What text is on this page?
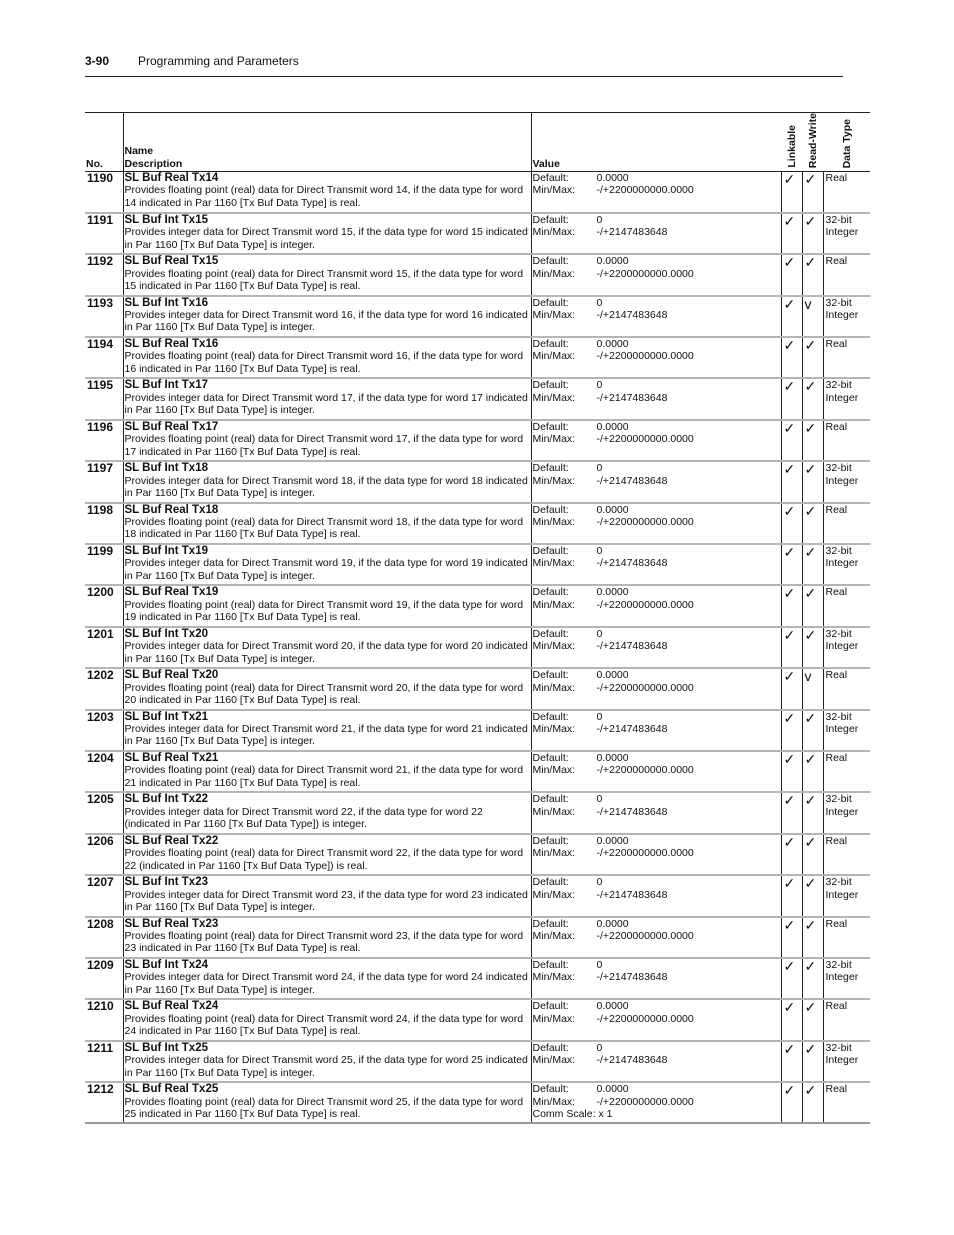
3-90 Programming and Parameters
No.	Name
Description	Value	Linkable	Read-Write	Data Type

1190	SL Buf Real Tx14
Provides floating point (real) data for Direct Transmit word 14, if the data type for word 14 indicated in Par 1160 [Tx Buf Data Type] is real.	Default: 0.0000
Min/Max: -/+2200000000.0000	✓	✓	Real

1191	SL Buf Int Tx15
Provides integer data for Direct Transmit word 15, if the data type for word 15 indicated in Par 1160 [Tx Buf Data Type] is integer.	Default: 0
Min/Max: -/+2147483648	✓	✓	32-bit
Integer

1192	SL Buf Real Tx15
Provides floating point (real) data for Direct Transmit word 15, if the data type for word 15 indicated in Par 1160 [Tx Buf Data Type] is real.	Default: 0.0000
Min/Max: -/+2200000000.0000	✓	✓	Real

1193	SL Buf Int Tx16
Provides integer data for Direct Transmit word 16, if the data type for word 16 indicated in Par 1160 [Tx Buf Data Type] is integer.	Default: 0
Min/Max: -/+2147483648	✓	v	32-bit
Integer

1194	SL Buf Real Tx16
Provides floating point (real) data for Direct Transmit word 16, if the data type for word 16 indicated in Par 1160 [Tx Buf Data Type] is real.	Default: 0.0000
Min/Max: -/+2200000000.0000	✓	✓	Real

1195	SL Buf Int Tx17
Provides integer data for Direct Transmit word 17, if the data type for word 17 indicated in Par 1160 [Tx Buf Data Type] is integer.	Default: 0
Min/Max: -/+2147483648	✓	✓	32-bit
Integer

1196	SL Buf Real Tx17
Provides floating point (real) data for Direct Transmit word 17, if the data type for word 17 indicated in Par 1160 [Tx Buf Data Type] is real.	Default: 0.0000
Min/Max: -/+2200000000.0000	✓	✓	Real

1197	SL Buf Int Tx18
Provides integer data for Direct Transmit word 18, if the data type for word 18 indicated in Par 1160 [Tx Buf Data Type] is integer.	Default: 0
Min/Max: -/+2147483648	✓	✓	32-bit
Integer

1198	SL Buf Real Tx18
Provides floating point (real) data for Direct Transmit word 18, if the data type for word 18 indicated in Par 1160 [Tx Buf Data Type] is real.	Default: 0.0000
Min/Max: -/+2200000000.0000	✓	✓	Real

1199	SL Buf Int Tx19
Provides integer data for Direct Transmit word 19, if the data type for word 19 indicated in Par 1160 [Tx Buf Data Type] is integer.	Default: 0
Min/Max: -/+2147483648	✓	✓	32-bit
Integer

1200	SL Buf Real Tx19
Provides floating point (real) data for Direct Transmit word 19, if the data type for word 19 indicated in Par 1160 [Tx Buf Data Type] is real.	Default: 0.0000
Min/Max: -/+2200000000.0000	✓	✓	Real

1201	SL Buf Int Tx20
Provides integer data for Direct Transmit word 20, if the data type for word 20 indicated in Par 1160 [Tx Buf Data Type] is integer.	Default: 0
Min/Max: -/+2147483648	✓	✓	32-bit
Integer

1202	SL Buf Real Tx20
Provides floating point (real) data for Direct Transmit word 20, if the data type for word 20 indicated in Par 1160 [Tx Buf Data Type] is real.	Default: 0.0000
Min/Max: -/+2200000000.0000	✓	v	Real

1203	SL Buf Int Tx21
Provides integer data for Direct Transmit word 21, if the data type for word 21 indicated in Par 1160 [Tx Buf Data Type] is integer.	Default: 0
Min/Max: -/+2147483648	✓	✓	32-bit
Integer

1204	SL Buf Real Tx21
Provides floating point (real) data for Direct Transmit word 21, if the data type for word 21 indicated in Par 1160 [Tx Buf Data Type] is real.	Default: 0.0000
Min/Max: -/+2200000000.0000	✓	✓	Real

1205	SL Buf Int Tx22
Provides integer data for Direct Transmit word 22, if the data type for word 22 (indicated in Par 1160 [Tx Buf Data Type]) is integer.	Default: 0
Min/Max: -/+2147483648	✓	✓	32-bit
Integer

1206	SL Buf Real Tx22
Provides floating point (real) data for Direct Transmit word 22, if the data type for word 22 (indicated in Par 1160 [Tx Buf Data Type]) is real.	Default: 0.0000
Min/Max: -/+2200000000.0000	✓	✓	Real

1207	SL Buf Int Tx23
Provides integer data for Direct Transmit word 23, if the data type for word 23 indicated in Par 1160 [Tx Buf Data Type] is integer.	Default: 0
Min/Max: -/+2147483648	✓	✓	32-bit
Integer

1208	SL Buf Real Tx23
Provides floating point (real) data for Direct Transmit word 23, if the data type for word 23 indicated in Par 1160 [Tx Buf Data Type] is real.	Default: 0.0000
Min/Max: -/+2200000000.0000	✓	✓	Real

1209	SL Buf Int Tx24
Provides integer data for Direct Transmit word 24, if the data type for word 24 indicated in Par 1160 [Tx Buf Data Type] is integer.	Default: 0
Min/Max: -/+2147483648	✓	✓	32-bit
Integer

1210	SL Buf Real Tx24
Provides floating point (real) data for Direct Transmit word 24, if the data type for word 24 indicated in Par 1160 [Tx Buf Data Type] is real.	Default: 0.0000
Min/Max: -/+2200000000.0000	✓	✓	Real

1211	SL Buf Int Tx25
Provides integer data for Direct Transmit word 25, if the data type for word 25 indicated in Par 1160 [Tx Buf Data Type] is integer.	Default: 0
Min/Max: -/+2147483648	✓	✓	32-bit
Integer

1212	SL Buf Real Tx25
Provides floating point (real) data for Direct Transmit word 25, if the data type for word 25 indicated in Par 1160 [Tx Buf Data Type] is real.	Default: 0.0000
Min/Max: -/+2200000000.0000
Comm Scale: x 1	✓	✓	Real
